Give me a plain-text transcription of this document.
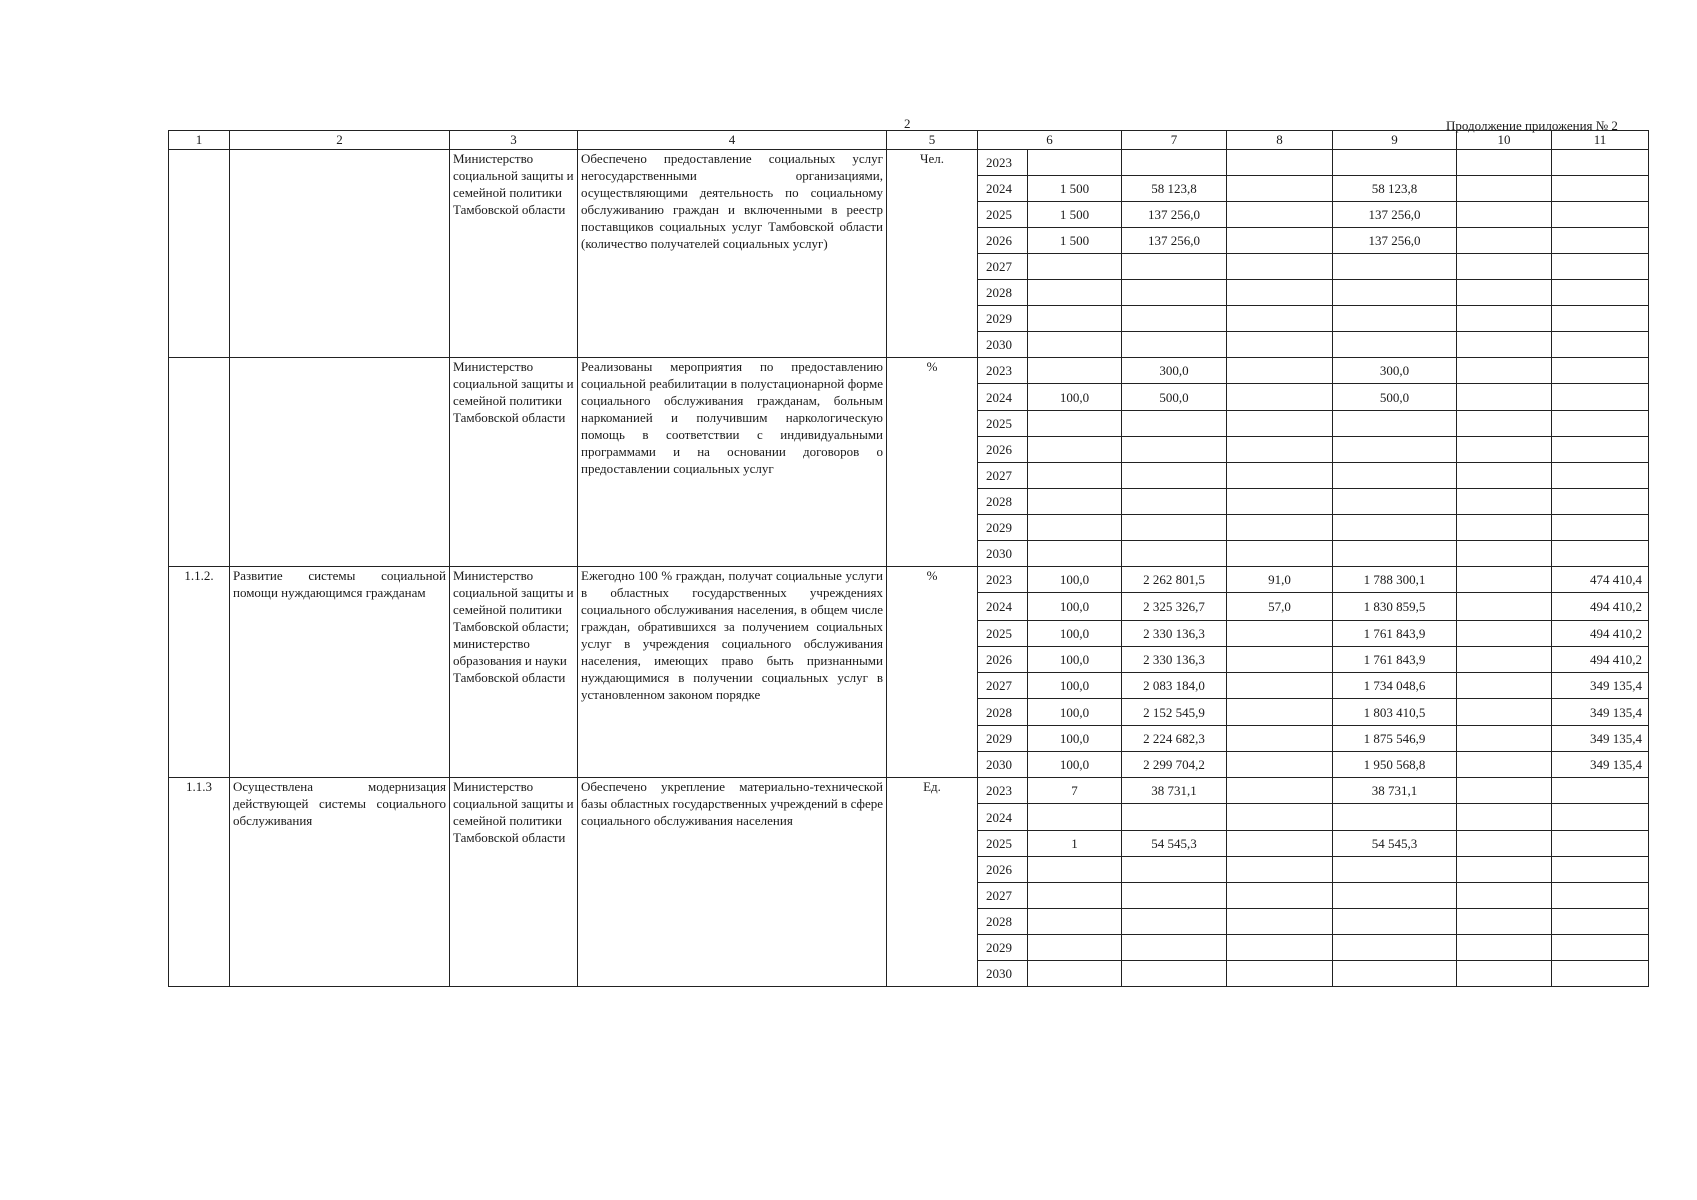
2	Продолжение приложения № 2
1	2	3	4	5	6		7	8	9	10	11
		Министерство социальной защиты и семейной политики Тамбовской области	Обеспечено предоставление социальных услуг негосударственными организациями, осуществляющими деятельность по социальному обслуживанию граждан и включенными в реестр поставщиков социальных услуг Тамбовской области (количество получателей социальных услуг)	Чел.	2023						
					2024	1 500	58 123,8		58 123,8		
					2025	1 500	137 256,0		137 256,0		
					2026	1 500	137 256,0		137 256,0		
					2027						
					2028						
					2029						
					2030						
		Министерство социальной защиты и семейной политики Тамбовской области	Реализованы мероприятия по предоставлению социальной реабилитации в полустационарной форме социального обслуживания гражданам, больным наркоманией и получившим наркологическую помощь в соответствии с индивидуальными программами и на основании договоров о предоставлении социальных услуг	%	2023		300,0		300,0		
					2024	100,0	500,0		500,0		
					2025						
					2026						
					2027						
					2028						
					2029						
					2030						
1.1.2.	Развитие системы социальной помощи нуждающимся гражданам	Министерство социальной защиты и семейной политики Тамбовской области; министерство образования и науки Тамбовской области	Ежегодно 100 % граждан, получат социальные услуги в областных государственных учреждениях социального обслуживания населения, в общем числе граждан, обратившихся за получением социальных услуг в учреждения социального обслуживания населения, имеющих право быть признанными нуждающимися в получении социальных услуг в установленном законом порядке	%	2023	100,0	2 262 801,5	91,0	1 788 300,1		474 410,4
					2024	100,0	2 325 326,7	57,0	1 830 859,5		494 410,2
					2025	100,0	2 330 136,3		1 761 843,9		494 410,2
					2026	100,0	2 330 136,3		1 761 843,9		494 410,2
					2027	100,0	2 083 184,0		1 734 048,6		349 135,4
					2028	100,0	2 152 545,9		1 803 410,5		349 135,4
					2029	100,0	2 224 682,3		1 875 546,9		349 135,4
					2030	100,0	2 299 704,2		1 950 568,8		349 135,4
1.1.3	Осуществлена модернизация действующей системы социального обслуживания	Министерство социальной защиты и семейной политики Тамбовской области	Обеспечено укрепление материально-технической базы областных государственных учреждений в сфере социального обслуживания населения	Ед.	2023	7	38 731,1		38 731,1		
					2024						
					2025	1	54 545,3		54 545,3		
					2026						
					2027						
					2028						
					2029						
					2030						
